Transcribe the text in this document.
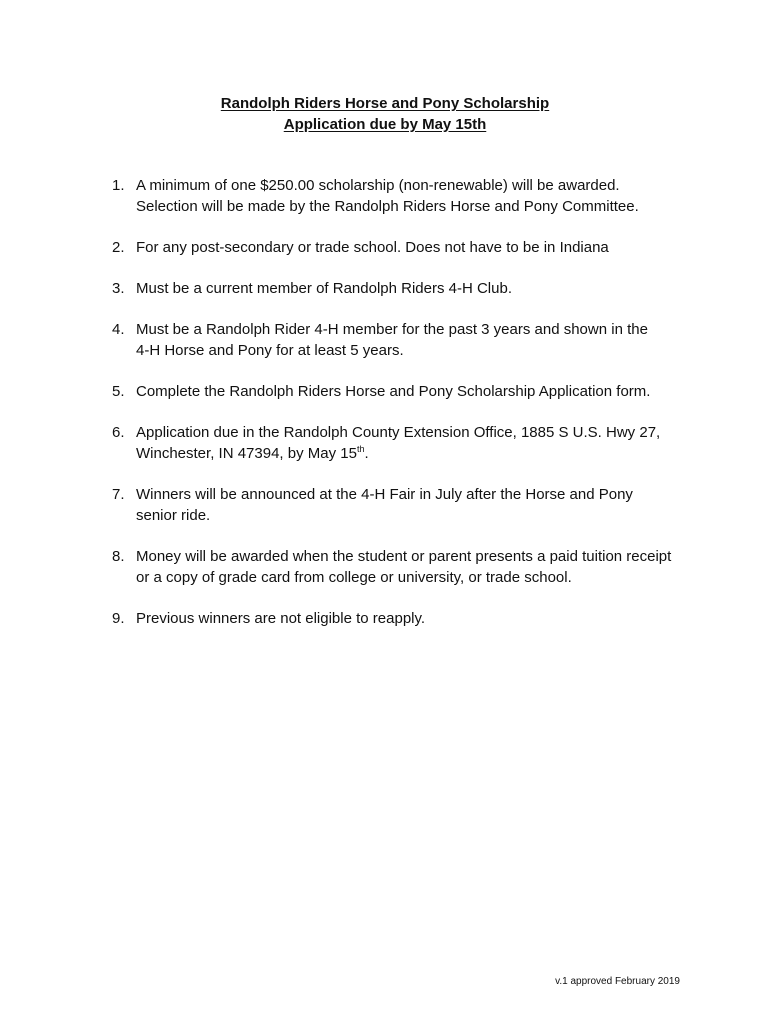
Randolph Riders Horse and Pony Scholarship
Application due by May 15th
1. A minimum of one $250.00 scholarship (non-renewable) will be awarded.
Selection will be made by the Randolph Riders Horse and Pony Committee.
2. For any post-secondary or trade school. Does not have to be in Indiana
3. Must be a current member of Randolph Riders 4-H Club.
4. Must be a Randolph Rider 4-H member for the past 3 years and shown in the
4-H Horse and Pony for at least 5 years.
5. Complete the Randolph Riders Horse and Pony Scholarship Application form.
6. Application due in the Randolph County Extension Office, 1885 S U.S. Hwy 27,
Winchester, IN 47394, by May 15th.
7. Winners will be announced at the 4-H Fair in July after the Horse and Pony
senior ride.
8. Money will be awarded when the student or parent presents a paid tuition receipt
or a copy of grade card from college or university, or trade school.
9. Previous winners are not eligible to reapply.
v.1 approved February 2019
